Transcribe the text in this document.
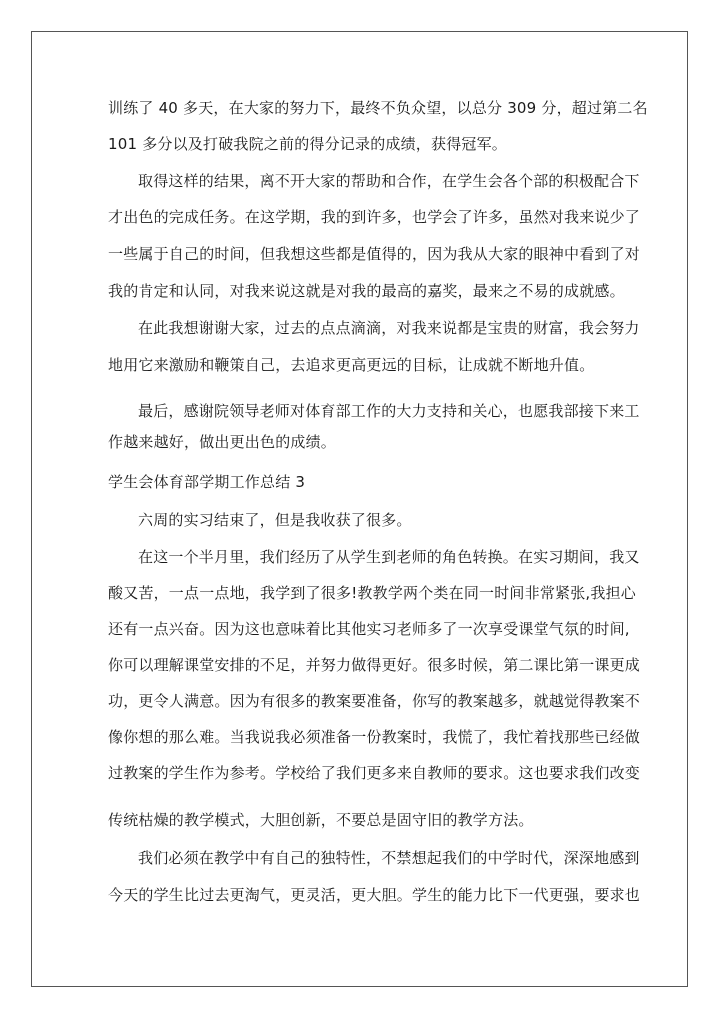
训练了 40 多天，在大家的努力下，最终不负众望，以总分 309 分，超过第二名
101 多分以及打破我院之前的得分记录的成绩，获得冠军。
取得这样的结果，离不开大家的帮助和合作，在学生会各个部的积极配合下
才出色的完成任务。在这学期，我的到许多，也学会了许多，虽然对我来说少了
一些属于自己的时间，但我想这些都是值得的，因为我从大家的眼神中看到了对
我的肯定和认同，对我来说这就是对我的最高的嘉奖，最来之不易的成就感。
在此我想谢谢大家，过去的点点滴滴，对我来说都是宝贵的财富，我会努力
地用它来激励和鞭策自己，去追求更高更远的目标，让成就不断地升值。
最后，感谢院领导老师对体育部工作的大力支持和关心，也愿我部接下来工
作越来越好，做出更出色的成绩。
学生会体育部学期工作总结 3
六周的实习结束了，但是我收获了很多。
在这一个半月里，我们经历了从学生到老师的角色转换。在实习期间，我又
酸又苦，一点一点地，我学到了很多!教教学两个类在同一时间非常紧张,我担心
还有一点兴奋。因为这也意味着比其他实习老师多了一次享受课堂气氛的时间,
你可以理解课堂安排的不足，并努力做得更好。很多时候，第二课比第一课更成
功，更令人满意。因为有很多的教案要准备，你写的教案越多，就越觉得教案不
像你想的那么难。当我说我必须准备一份教案时，我慌了，我忙着找那些已经做
过教案的学生作为参考。学校给了我们更多来自教师的要求。这也要求我们改变
传统枯燥的教学模式，大胆创新，不要总是固守旧的教学方法。
我们必须在教学中有自己的独特性，不禁想起我们的中学时代，深深地感到
今天的学生比过去更淘气，更灵活，更大胆。学生的能力比下一代更强，要求也
